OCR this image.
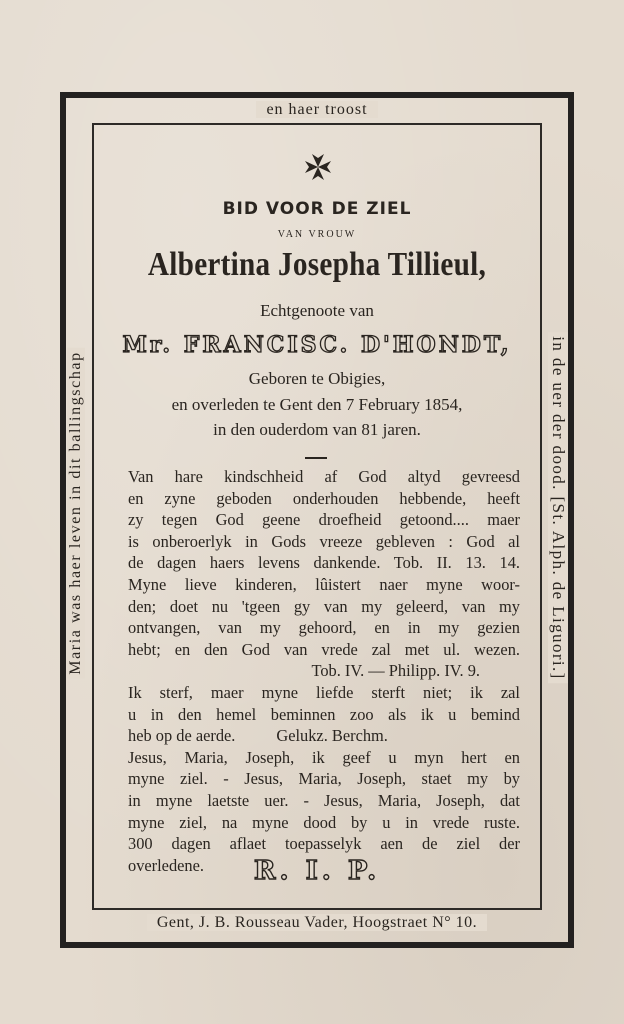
en haer troost
Maria was haer leven in dit ballingschap	in de uer der dood. [St. Alph. de Liguori.]
Gent, J. B. Rousseau Vader, Hoogstraet N° 10.
BID VOOR DE ZIEL
VAN VROUW
Albertina Josepha Tillieul,
Echtgenoote van
Mr. FRANCISC. D'HONDT,
Geboren te Obigies,
en overleden te Gent den 7 February 1854,
in den ouderdom van 81 jaren.
Van hare kindschheid af God altyd gevreesd
en zyne geboden onderhouden hebbende, heeft
zy tegen God geene droefheid getoond.... maer
is onberoerlyk in Gods vreeze gebleven : God al
de dagen haers levens dankende. Tob. II. 13. 14.
Myne lieve kinderen, lûistert naer myne woor-
den; doet nu 'tgeen gy van my geleerd, van my
ontvangen, van my gehoord, en in my gezien
hebt; en den God van vrede zal met ul. wezen.
Tob. IV. — Philipp. IV. 9.
Ik sterf, maer myne liefde sterft niet; ik zal
u in den hemel beminnen zoo als ik u bemind
heb op de aerde.          Gelukz. Berchm.
Jesus, Maria, Joseph, ik geef u myn hert en
myne ziel. - Jesus, Maria, Joseph, staet my by
in myne laetste uer. - Jesus, Maria, Joseph, dat
myne ziel, na myne dood by u in vrede ruste.
300 dagen aflaet toepasselyk aen de ziel der
overledene.	R. I. P.
